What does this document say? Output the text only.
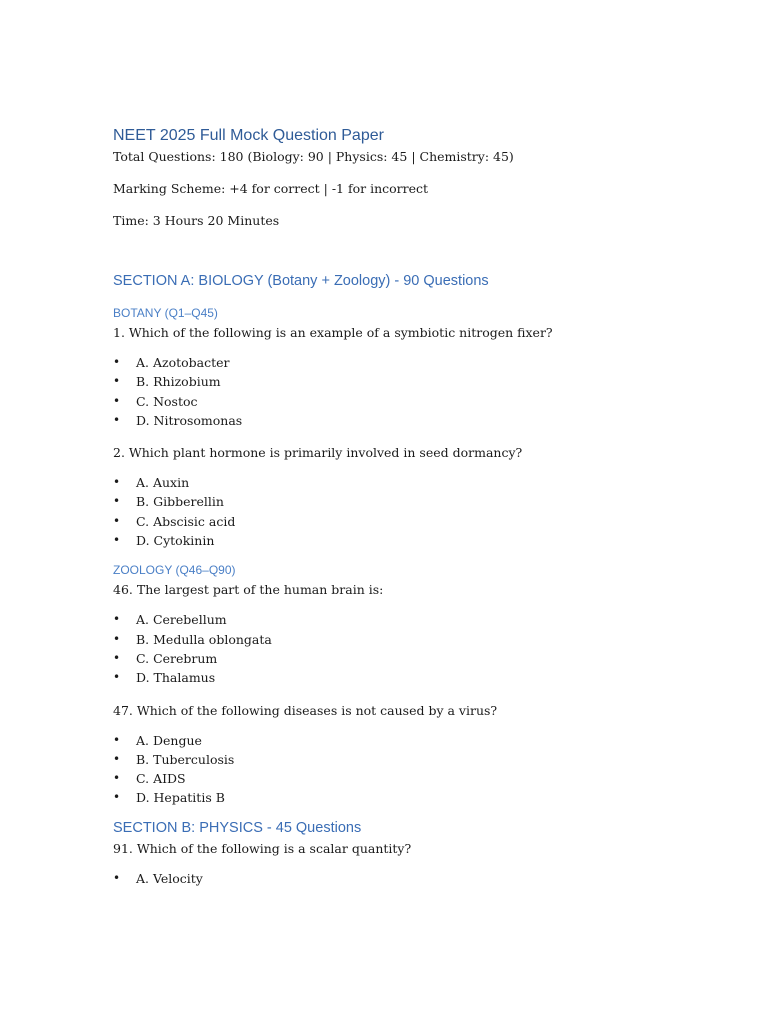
NEET 2025 Full Mock Question Paper

Total Questions: 180 (Biology: 90 | Physics: 45 | Chemistry: 45)

Marking Scheme: +4 for correct | -1 for incorrect

Time: 3 Hours 20 Minutes

SECTION A: BIOLOGY (Botany + Zoology) - 90 Questions
BOTANY (Q1–Q45)

1. Which of the following is an example of a symbiotic nitrogen fixer?

• A. Azotobacter
• B. Rhizobium
• C. Nostoc
• D. Nitrosomonas

2. Which plant hormone is primarily involved in seed dormancy?

• A. Auxin
• B. Gibberellin
• C. Abscisic acid
• D. Cytokinin
ZOOLOGY (Q46–Q90)

46. The largest part of the human brain is:

• A. Cerebellum
• B. Medulla oblongata
• C. Cerebrum
• D. Thalamus

47. Which of the following diseases is not caused by a virus?

• A. Dengue
• B. Tuberculosis
• C. AIDS
• D. Hepatitis B
SECTION B: PHYSICS - 45 Questions

91. Which of the following is a scalar quantity?

• A. Velocity
